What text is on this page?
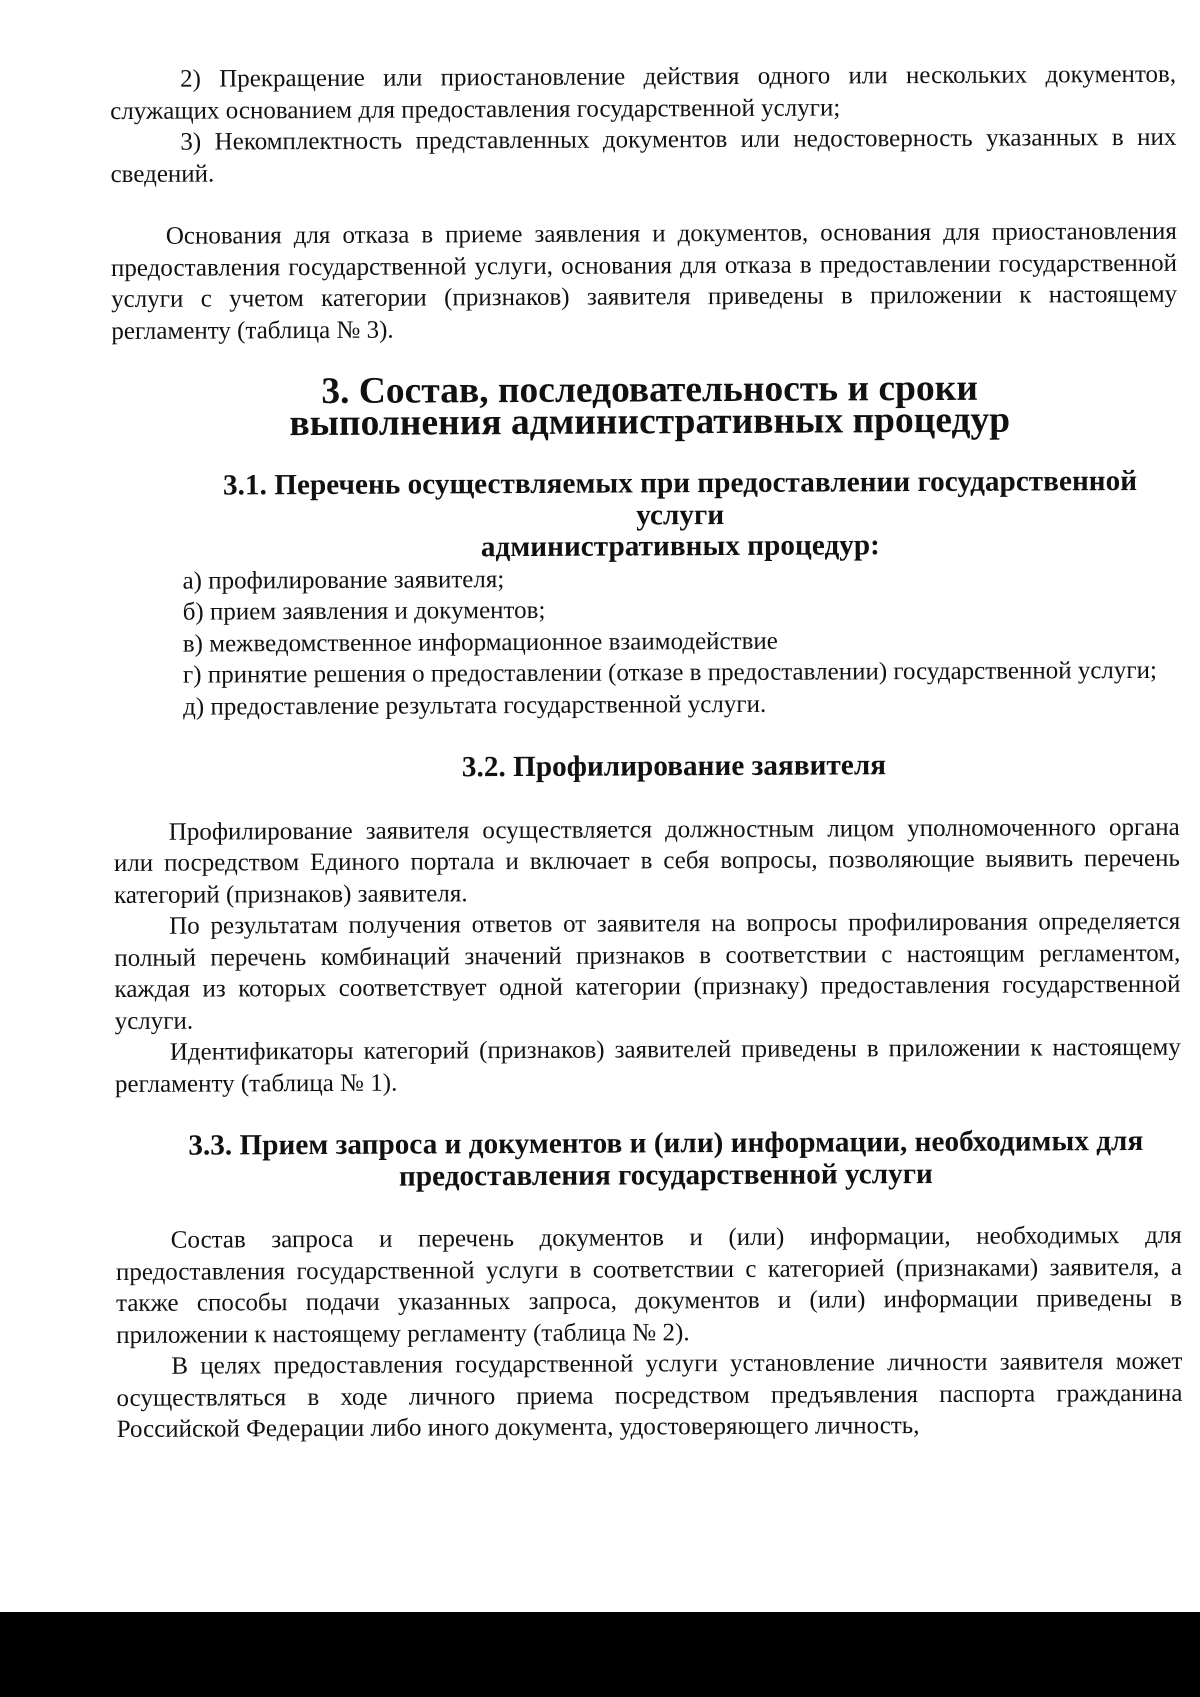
2) Прекращение или приостановление действия одного или нескольких документов, служащих основанием для предоставления государственной услуги;

3) Некомплектность представленных документов или недостоверность указанных в них сведений.

Основания для отказа в приеме заявления и документов, основания для приостановления предоставления государственной услуги, основания для отказа в предоставлении государственной услуги с учетом категории (признаков) заявителя приведены в приложении к настоящему регламенту (таблица № 3).

3. Состав, последовательность и сроки
выполнения административных процедур
3.1. Перечень осуществляемых при предоставлении государственной услуги
административных процедур:

а) профилирование заявителя;

б) прием заявления и документов;

в) межведомственное информационное взаимодействие

г) принятие решения о предоставлении (отказе в предоставлении) государственной услуги;

д) предоставление результата государственной услуги.

3.2. Профилирование заявителя

Профилирование заявителя осуществляется должностным лицом уполномоченного органа или посредством Единого портала и включает в себя вопросы, позволяющие выявить перечень категорий (признаков) заявителя.

По результатам получения ответов от заявителя на вопросы профилирования определяется полный перечень комбинаций значений признаков в соответствии с настоящим регламентом, каждая из которых соответствует одной категории (признаку) предоставления государственной услуги.

Идентификаторы категорий (признаков) заявителей приведены в приложении к настоящему регламенту (таблица № 1).

3.3. Прием запроса и документов и (или) информации, необходимых для
предоставления государственной услуги

Состав запроса и перечень документов и (или) информации, необходимых для предоставления государственной услуги в соответствии с категорией (признаками) заявителя, а также способы подачи указанных запроса, документов и (или) информации приведены в приложении к настоящему регламенту (таблица № 2).

В целях предоставления государственной услуги установление личности заявителя может осуществляться в ходе личного приема посредством предъявления паспорта гражданина Российской Федерации либо иного документа, удостоверяющего личность,
